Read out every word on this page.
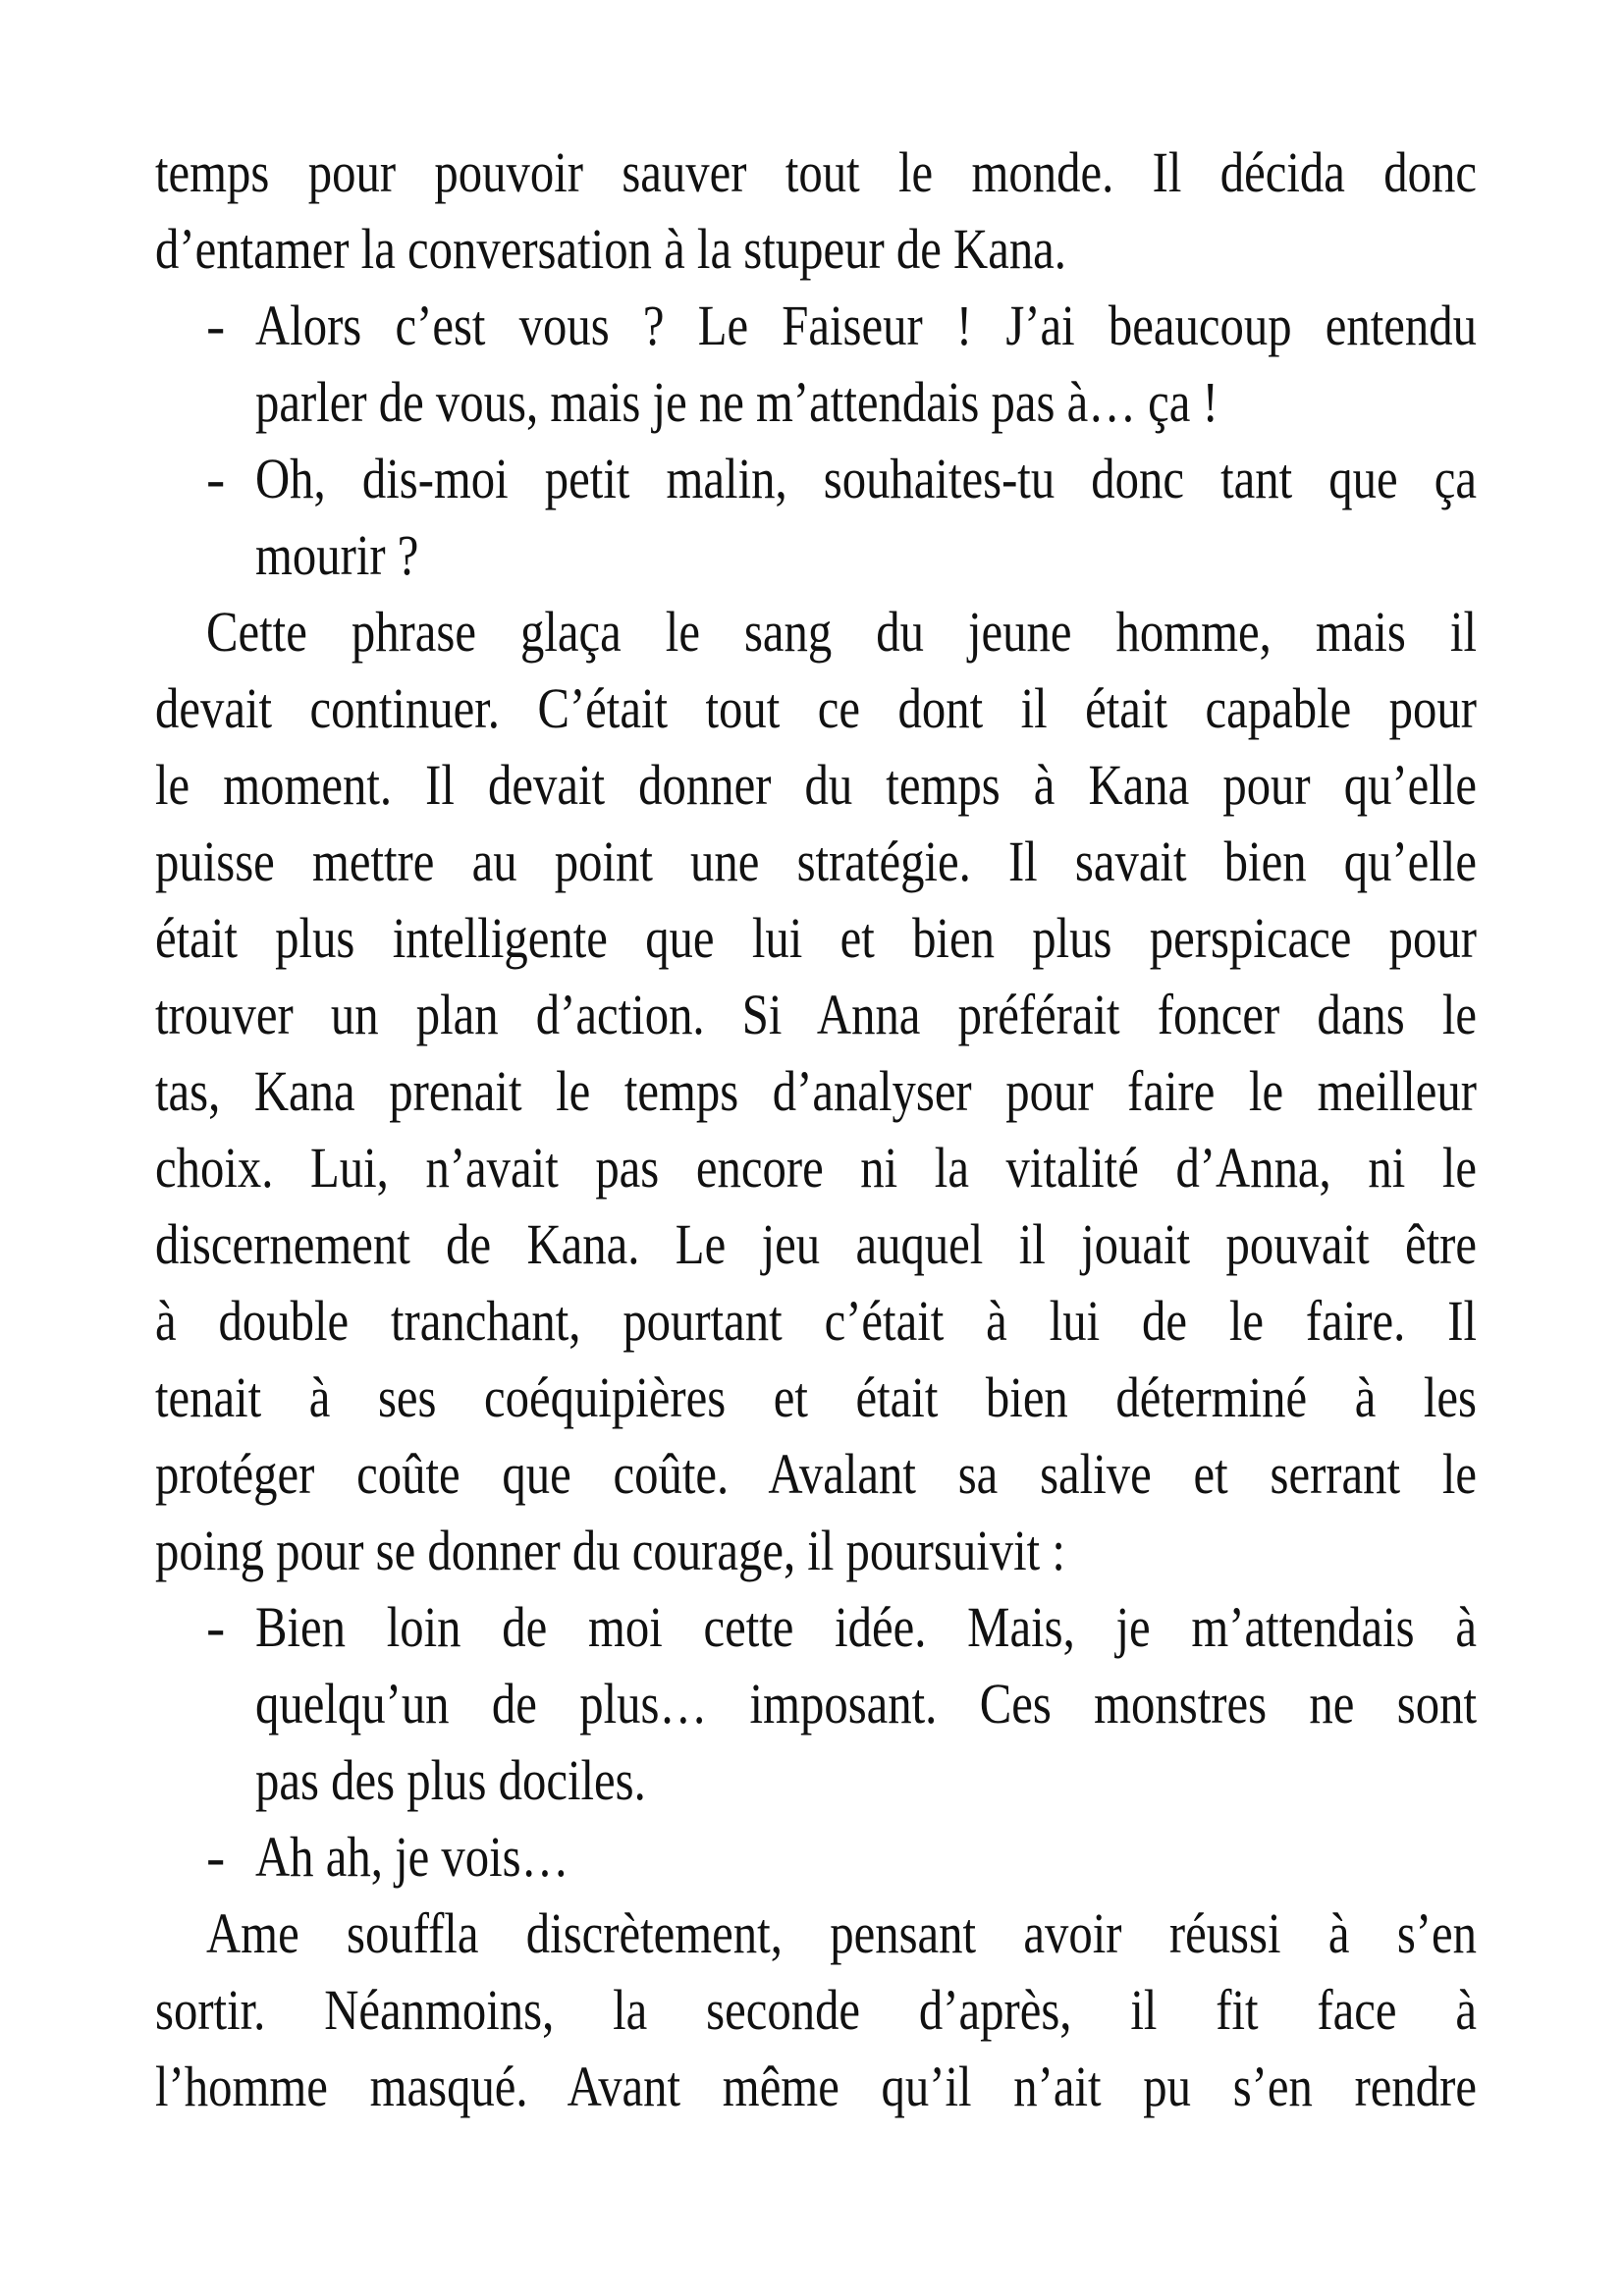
temps pour pouvoir sauver tout le monde. Il décida donc
d’entamer la conversation à la stupeur de Kana.
- Alors c’est vous ? Le Faiseur ! J’ai beaucoup entendu
parler de vous, mais je ne m’attendais pas à… ça !
- Oh, dis-moi petit malin, souhaites-tu donc tant que ça
mourir ?
Cette phrase glaça le sang du jeune homme, mais il
devait continuer. C’était tout ce dont il était capable pour
le moment. Il devait donner du temps à Kana pour qu’elle
puisse mettre au point une stratégie. Il savait bien qu’elle
était plus intelligente que lui et bien plus perspicace pour
trouver un plan d’action. Si Anna préférait foncer dans le
tas, Kana prenait le temps d’analyser pour faire le meilleur
choix. Lui, n’avait pas encore ni la vitalité d’Anna, ni le
discernement de Kana. Le jeu auquel il jouait pouvait être
à double tranchant, pourtant c’était à lui de le faire. Il
tenait à ses coéquipières et était bien déterminé à les
protéger coûte que coûte. Avalant sa salive et serrant le
poing pour se donner du courage, il poursuivit :
- Bien loin de moi cette idée. Mais, je m’attendais à
quelqu’un de plus… imposant. Ces monstres ne sont
pas des plus dociles.
- Ah ah, je vois…
Ame souffla discrètement, pensant avoir réussi à s’en
sortir. Néanmoins, la seconde d’après, il fit face à
l’homme masqué. Avant même qu’il n’ait pu s’en rendre
